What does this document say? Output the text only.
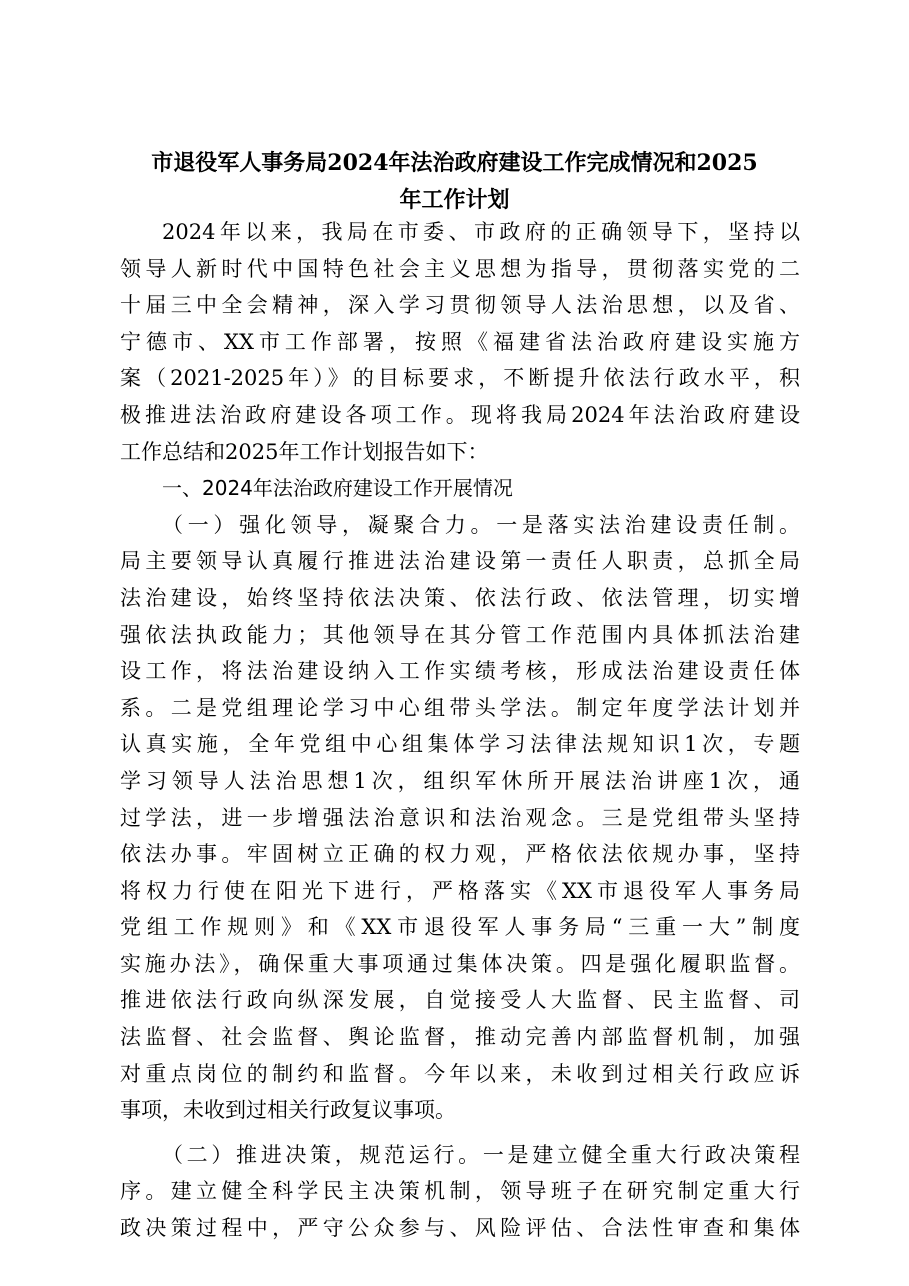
市退役军人事务局2024年法治政府建设工作完成情况和2025
年工作计划
2024年以来，我局在市委、市政府的正确领导下，坚持以
领导人新时代中国特色社会主义思想为指导，贯彻落实党的二
十届三中全会精神，深入学习贯彻领导人法治思想，以及省、
宁德市、XX市工作部署，按照《福建省法治政府建设实施方
案（2021-2025年）》的目标要求，不断提升依法行政水平，积
极推进法治政府建设各项工作。现将我局2024年法治政府建设
工作总结和2025年工作计划报告如下：
一、2024年法治政府建设工作开展情况
（一）强化领导，凝聚合力。一是落实法治建设责任制。
局主要领导认真履行推进法治建设第一责任人职责，总抓全局
法治建设，始终坚持依法决策、依法行政、依法管理，切实增
强依法执政能力；其他领导在其分管工作范围内具体抓法治建
设工作，将法治建设纳入工作实绩考核，形成法治建设责任体
系。二是党组理论学习中心组带头学法。制定年度学法计划并
认真实施，全年党组中心组集体学习法律法规知识1次，专题
学习领导人法治思想1次，组织军休所开展法治讲座1次，通
过学法，进一步增强法治意识和法治观念。三是党组带头坚持
依法办事。牢固树立正确的权力观，严格依法依规办事，坚持
将权力行使在阳光下进行，严格落实《XX市退役军人事务局
党组工作规则》和《XX市退役军人事务局“三重一大”制度
实施办法》，确保重大事项通过集体决策。四是强化履职监督。
推进依法行政向纵深发展，自觉接受人大监督、民主监督、司
法监督、社会监督、舆论监督，推动完善内部监督机制，加强
对重点岗位的制约和监督。今年以来，未收到过相关行政应诉
事项，未收到过相关行政复议事项。
（二）推进决策，规范运行。一是建立健全重大行政决策程
序。建立健全科学民主决策机制，领导班子在研究制定重大行
政决策过程中，严守公众参与、风险评估、合法性审查和集体
